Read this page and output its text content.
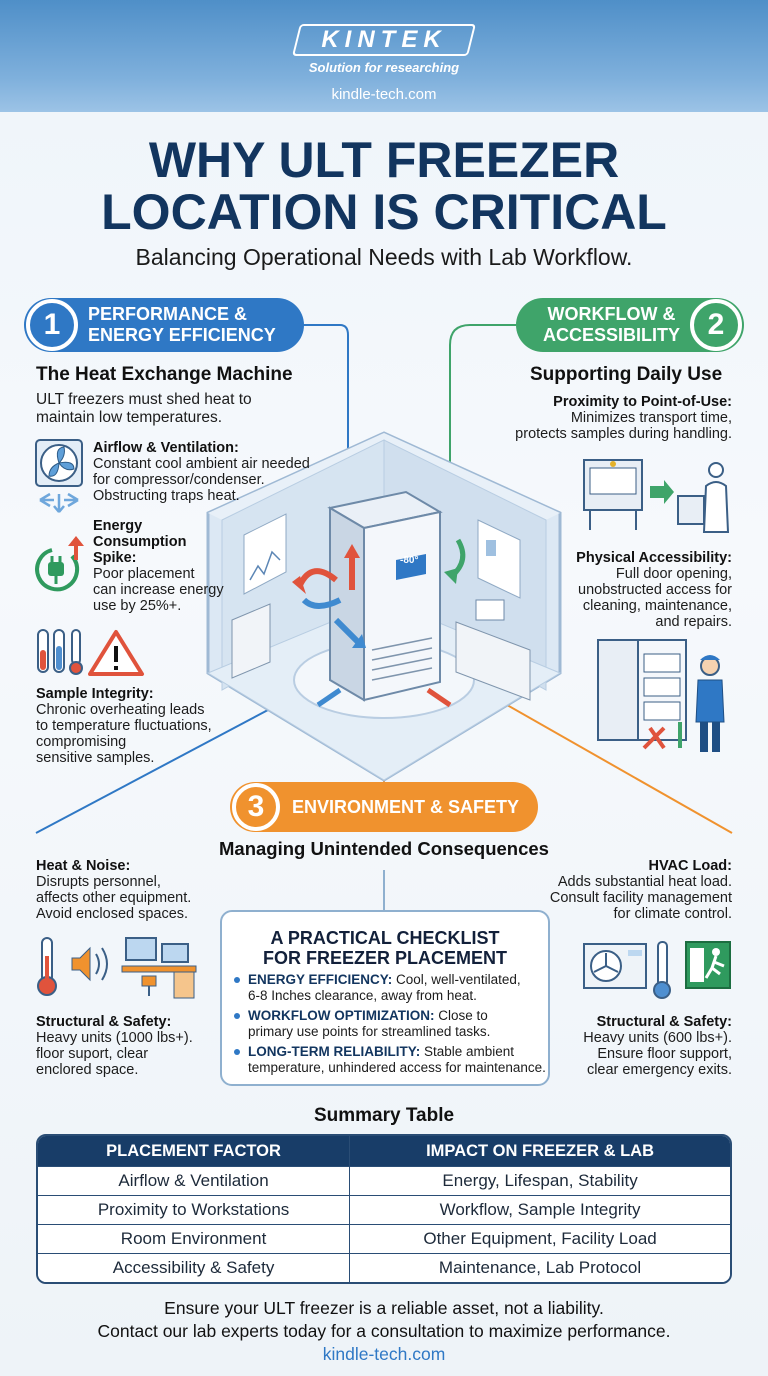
KINTEK
Solution for researching
kindle-tech.com
WHY ULT FREEZER
LOCATION IS CRITICAL
Balancing Operational Needs with Lab Workflow.
-80°
1	PERFORMANCE &
ENERGY EFFICIENCY
The Heat Exchange Machine
ULT freezers must shed heat to
maintain low temperatures.
Airflow & Ventilation:
Constant cool ambient air needed
for compressor/condenser.
Obstructing traps heat.
Energy
Consumption
Spike:
Poor placement
can increase energy
use by 25%+.
Sample Integrity:
Chronic overheating leads
to temperature fluctuations,
compromising
sensitive samples.
WORKFLOW &
ACCESSIBILITY 2
Supporting Daily Use
Proximity to Point-of-Use:
Minimizes transport time,
protects samples during handling.
Physical Accessibility:
Full door opening,
unobstructed access for
cleaning, maintenance,
and repairs.
3	ENVIRONMENT & SAFETY
Managing Unintended Consequences
Heat & Noise:
Disrupts personnel,
affects other equipment.
Avoid enclosed spaces.
Structural & Safety:
Heavy units (1000 lbs+).
floor suport, clear
enclored space.
HVAC Load:
Adds substantial heat load.
Consult facility management
for climate control.
Structural & Safety:
Heavy units (600 lbs+).
Ensure floor support,
clear emergency exits.
A PRACTICAL CHECKLIST
FOR FREEZER PLACEMENT
ENERGY EFFICIENCY: Cool, well-ventilated,
6-8 Inches clearance, away from heat.
WORKFLOW OPTIMIZATION: Close to
primary use points for streamlined tasks.
LONG-TERM RELIABILITY: Stable ambient
temperature, unhindered access for maintenance.
Summary Table
PLACEMENT FACTOR	IMPACT ON FREEZER & LAB
Airflow & Ventilation	Energy, Lifespan, Stability
Proximity to Workstations	Workflow, Sample Integrity
Room Environment	Other Equipment, Facility Load
Accessibility & Safety	Maintenance, Lab Protocol
Ensure your ULT freezer is a reliable asset, not a liability.
Contact our lab experts today for a consultation to maximize performance.
kindle-tech.com
